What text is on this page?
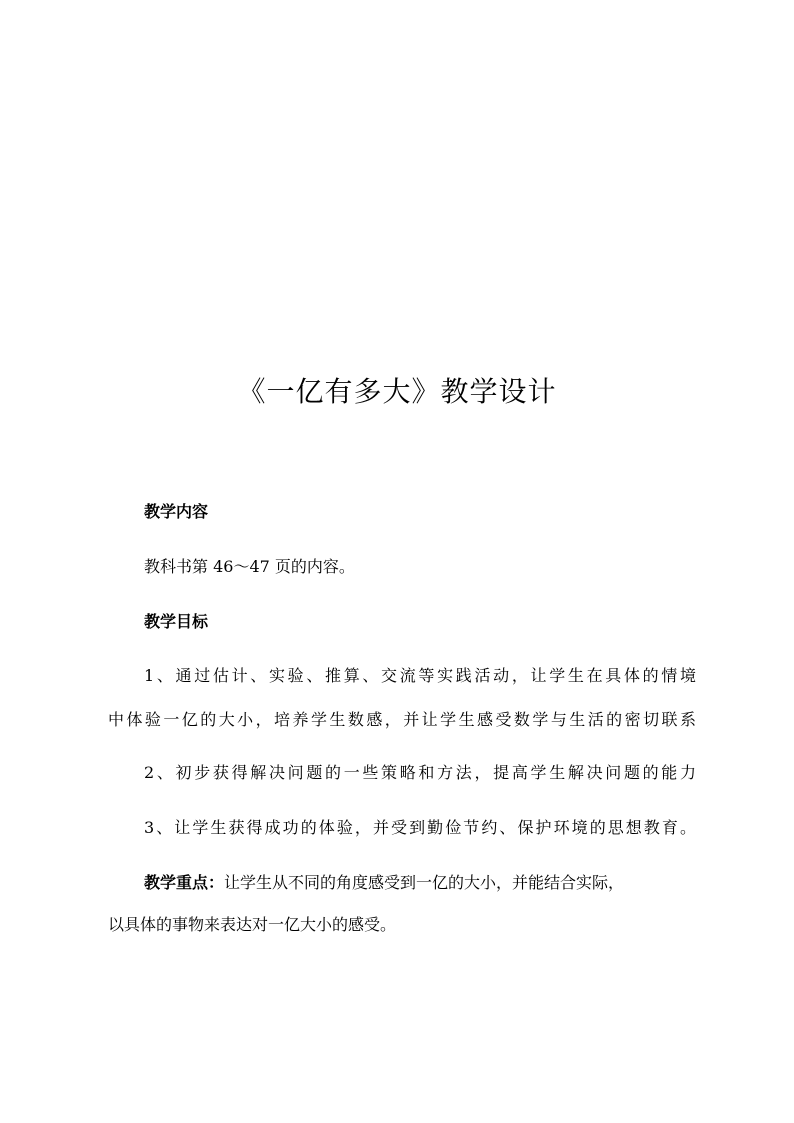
《一亿有多大》教学设计
教学内容
教科书第 46～47 页的内容。
教学目标
1、通过估计、实验、推算、交流等实践活动，让学生在具体的情境
中体验一亿的大小，培养学生数感，并让学生感受数学与生活的密切联系
2、初步获得解决问题的一些策略和方法，提高学生解决问题的能力
3、让学生获得成功的体验，并受到勤俭节约、保护环境的思想教育。
教学重点：让学生从不同的角度感受到一亿的大小，并能结合实际，
以具体的事物来表达对一亿大小的感受。
